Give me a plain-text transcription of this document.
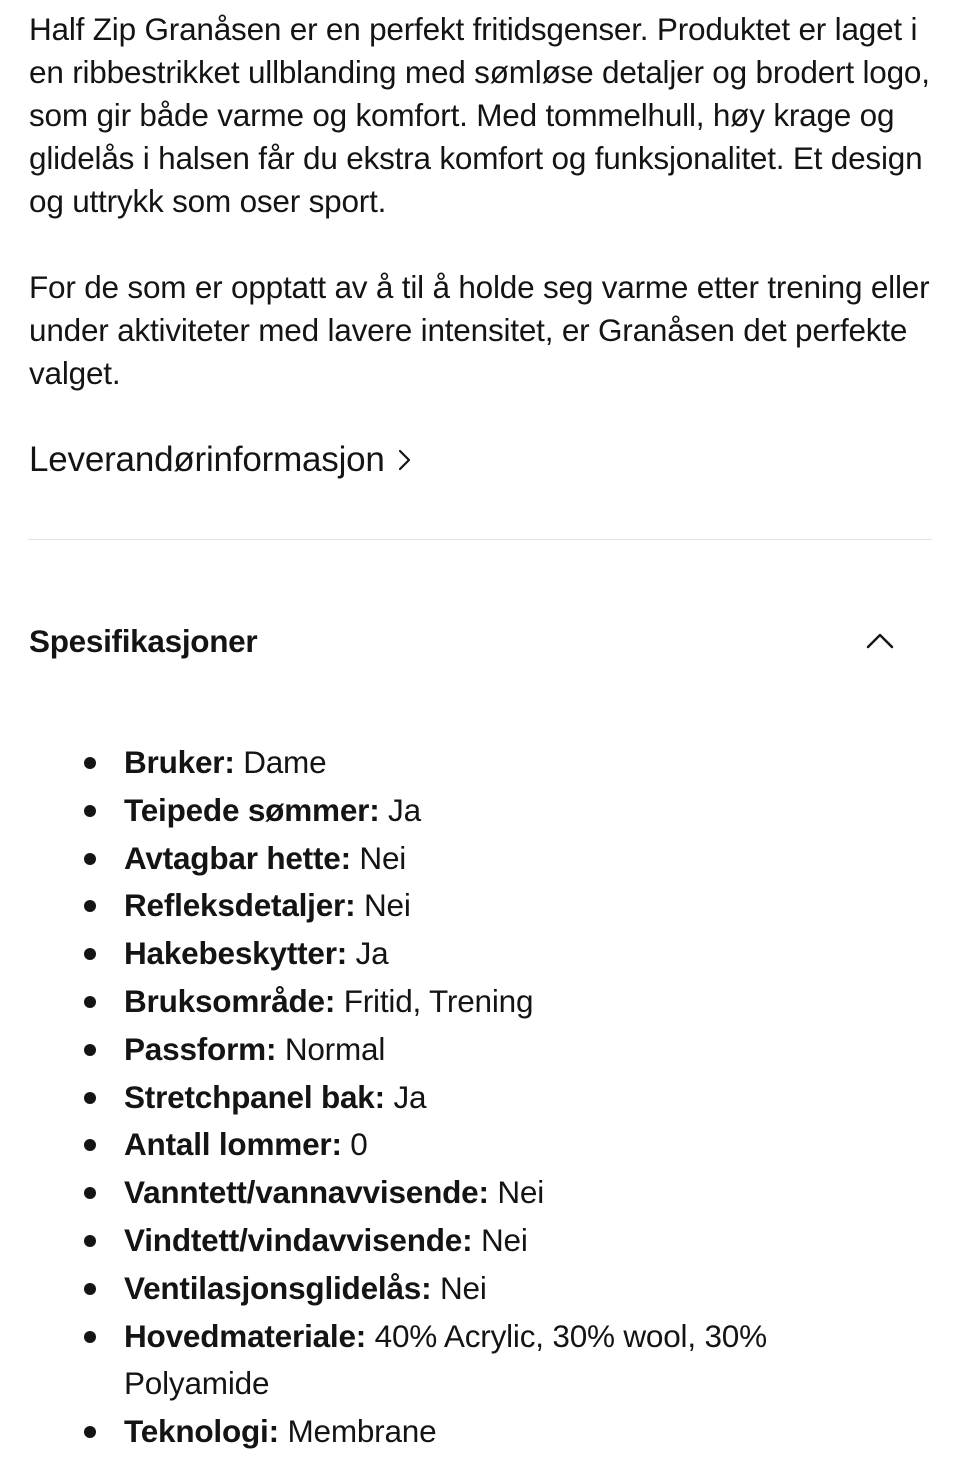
Half Zip Granåsen er en perfekt fritidsgenser. Produktet er laget i en ribbestrikket ullblanding med sømløse detaljer og brodert logo, som gir både varme og komfort. Med tommelhull, høy krage og glidelås i halsen får du ekstra komfort og funksjonalitet. Et design og uttrykk som oser sport.

For de som er opptatt av å til å holde seg varme etter trening eller under aktiviteter med lavere intensitet, er Granåsen det perfekte valget.

Leverandørinformasjon
Spesifikasjoner
Bruker: Dame
Teipede sømmer: Ja
Avtagbar hette: Nei
Refleksdetaljer: Nei
Hakebeskytter: Ja
Bruksområde: Fritid, Trening
Passform: Normal
Stretchpanel bak: Ja
Antall lommer: 0
Vanntett/vannavvisende: Nei
Vindtett/vindavvisende: Nei
Ventilasjonsglidelås: Nei
Hovedmateriale: 40% Acrylic, 30% wool, 30% Polyamide
Teknologi: Membrane
